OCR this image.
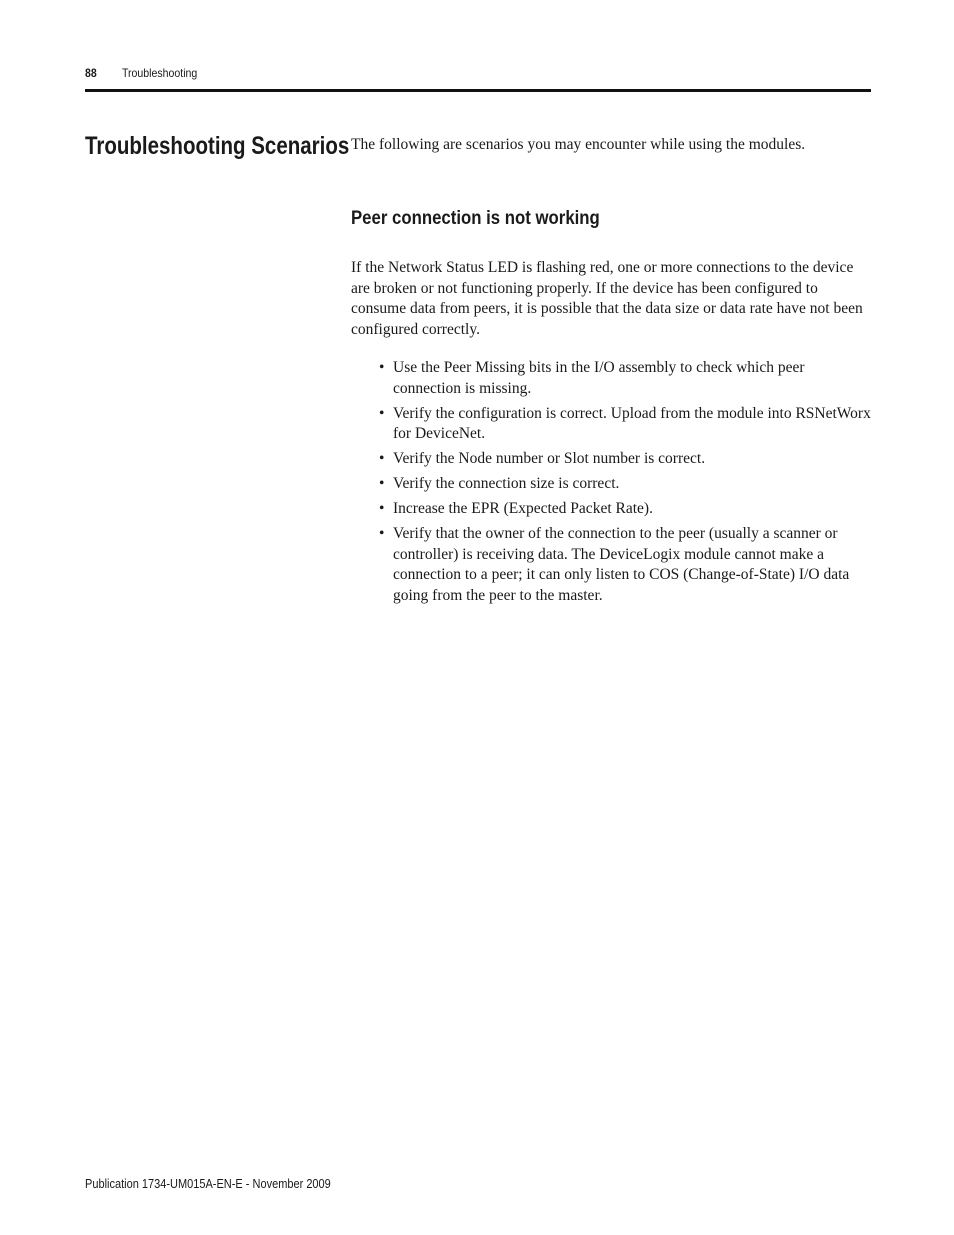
88 Troubleshooting
Troubleshooting Scenarios The following are scenarios you may encounter while using the modules.

Peer connection is not working

If the Network Status LED is flashing red, one or more connections to the device are broken or not functioning properly. If the device has been configured to consume data from peers, it is possible that the data size or data rate have not been configured correctly.

• Use the Peer Missing bits in the I/O assembly to check which peer connection is missing.
• Verify the configuration is correct. Upload from the module into RSNetWorx for DeviceNet.
• Verify the Node number or Slot number is correct.
• Verify the connection size is correct.
• Increase the EPR (Expected Packet Rate).
• Verify that the owner of the connection to the peer (usually a scanner or controller) is receiving data. The DeviceLogix module cannot make a connection to a peer; it can only listen to COS (Change-of-State) I/O data going from the peer to the master.
Publication 1734-UM015A-EN-E - November 2009
